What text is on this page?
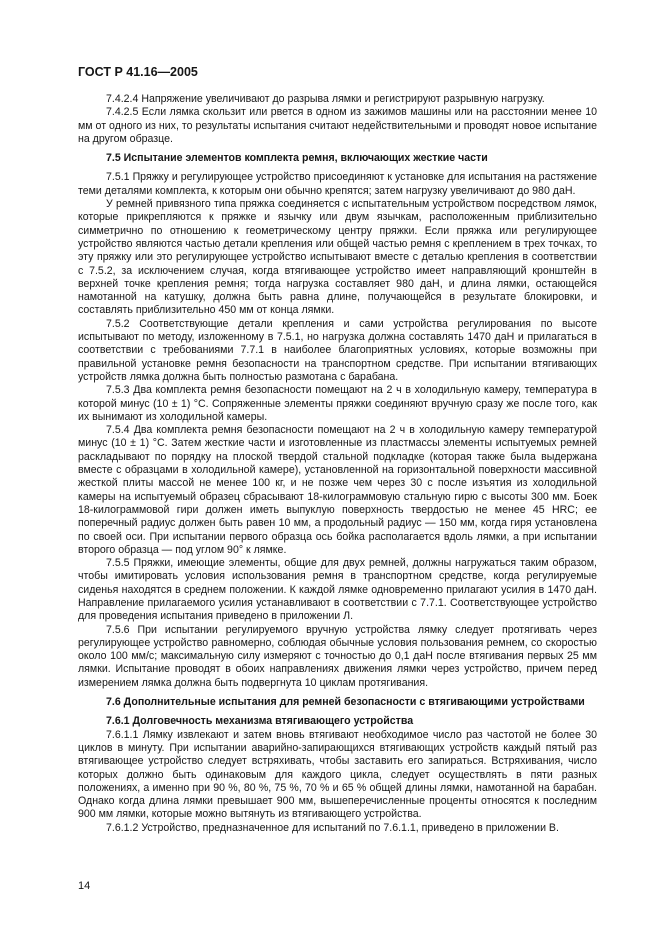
ГОСТ Р 41.16—2005

7.4.2.4 Напряжение увеличивают до разрыва лямки и регистрируют разрывную нагрузку.

7.4.2.5 Если лямка скользит или рвется в одном из зажимов машины или на расстоянии менее 10 мм от одного из них, то результаты испытания считают недействительными и проводят новое испытание на другом образце.

7.5 Испытание элементов комплекта ремня, включающих жесткие части

7.5.1 Пряжку и регулирующее устройство присоединяют к установке для испытания на растяжение теми деталями комплекта, к которым они обычно крепятся; затем нагрузку увеличивают до 980 даН.

У ремней привязного типа пряжка соединяется с испытательным устройством посредством лямок, которые прикрепляются к пряжке и язычку или двум язычкам, расположенным приблизительно симметрично по отношению к геометрическому центру пряжки. Если пряжка или регулирующее устройство являются частью детали крепления или общей частью ремня с креплением в трех точках, то эту пряжку или это регулирующее устройство испытывают вместе с деталью крепления в соответствии с 7.5.2, за исключением случая, когда втягивающее устройство имеет направляющий кронштейн в верхней точке крепления ремня; тогда нагрузка составляет 980 даН, и длина лямки, остающейся намотанной на катушку, должна быть равна длине, получающейся в результате блокировки, и составлять приблизительно 450 мм от конца лямки.

7.5.2 Соответствующие детали крепления и сами устройства регулирования по высоте испытывают по методу, изложенному в 7.5.1, но нагрузка должна составлять 1470 даН и прилагаться в соответствии с требованиями 7.7.1 в наиболее благоприятных условиях, которые возможны при правильной установке ремня безопасности на транспортном средстве. При испытании втягивающих устройств лямка должна быть полностью размотана с барабана.

7.5.3 Два комплекта ремня безопасности помещают на 2 ч в холодильную камеру, температура в которой минус (10 ± 1) °С. Сопряженные элементы пряжки соединяют вручную сразу же после того, как их вынимают из холодильной камеры.

7.5.4 Два комплекта ремня безопасности помещают на 2 ч в холодильную камеру температурой минус (10 ± 1) °С. Затем жесткие части и изготовленные из пластмассы элементы испытуемых ремней раскладывают по порядку на плоской твердой стальной подкладке (которая также была выдержана вместе с образцами в холодильной камере), установленной на горизонтальной поверхности массивной жесткой плиты массой не менее 100 кг, и не позже чем через 30 с после изъятия из холодильной камеры на испытуемый образец сбрасывают 18-килограммовую стальную гирю с высоты 300 мм. Боек 18-килограммовой гири должен иметь выпуклую поверхность твердостью не менее 45 HRC; ее поперечный радиус должен быть равен 10 мм, а продольный радиус — 150 мм, когда гиря установлена по своей оси. При испытании первого образца ось бойка располагается вдоль лямки, а при испытании второго образца — под углом 90° к лямке.

7.5.5 Пряжки, имеющие элементы, общие для двух ремней, должны нагружаться таким образом, чтобы имитировать условия использования ремня в транспортном средстве, когда регулируемые сиденья находятся в среднем положении. К каждой лямке одновременно прилагают усилия в 1470 даН. Направление прилагаемого усилия устанавливают в соответствии с 7.7.1. Соответствующее устройство для проведения испытания приведено в приложении Л.

7.5.6 При испытании регулируемого вручную устройства лямку следует протягивать через регулирующее устройство равномерно, соблюдая обычные условия пользования ремнем, со скоростью около 100 мм/с; максимальную силу измеряют с точностью до 0,1 даН после втягивания первых 25 мм лямки. Испытание проводят в обоих направлениях движения лямки через устройство, причем перед измерением лямка должна быть подвергнута 10 циклам протягивания.

7.6 Дополнительные испытания для ремней безопасности с втягивающими устройствами

7.6.1 Долговечность механизма втягивающего устройства

7.6.1.1 Лямку извлекают и затем вновь втягивают необходимое число раз частотой не более 30 циклов в минуту. При испытании аварийно-запирающихся втягивающих устройств каждый пятый раз втягивающее устройство следует встряхивать, чтобы заставить его запираться. Встряхивания, число которых должно быть одинаковым для каждого цикла, следует осуществлять в пяти разных положениях, а именно при 90 %, 80 %, 75 %, 70 % и 65 % общей длины лямки, намотанной на барабан. Однако когда длина лямки превышает 900 мм, вышеперечисленные проценты относятся к последним 900 мм лямки, которые можно вытянуть из втягивающего устройства.

7.6.1.2 Устройство, предназначенное для испытаний по 7.6.1.1, приведено в приложении В.

14
